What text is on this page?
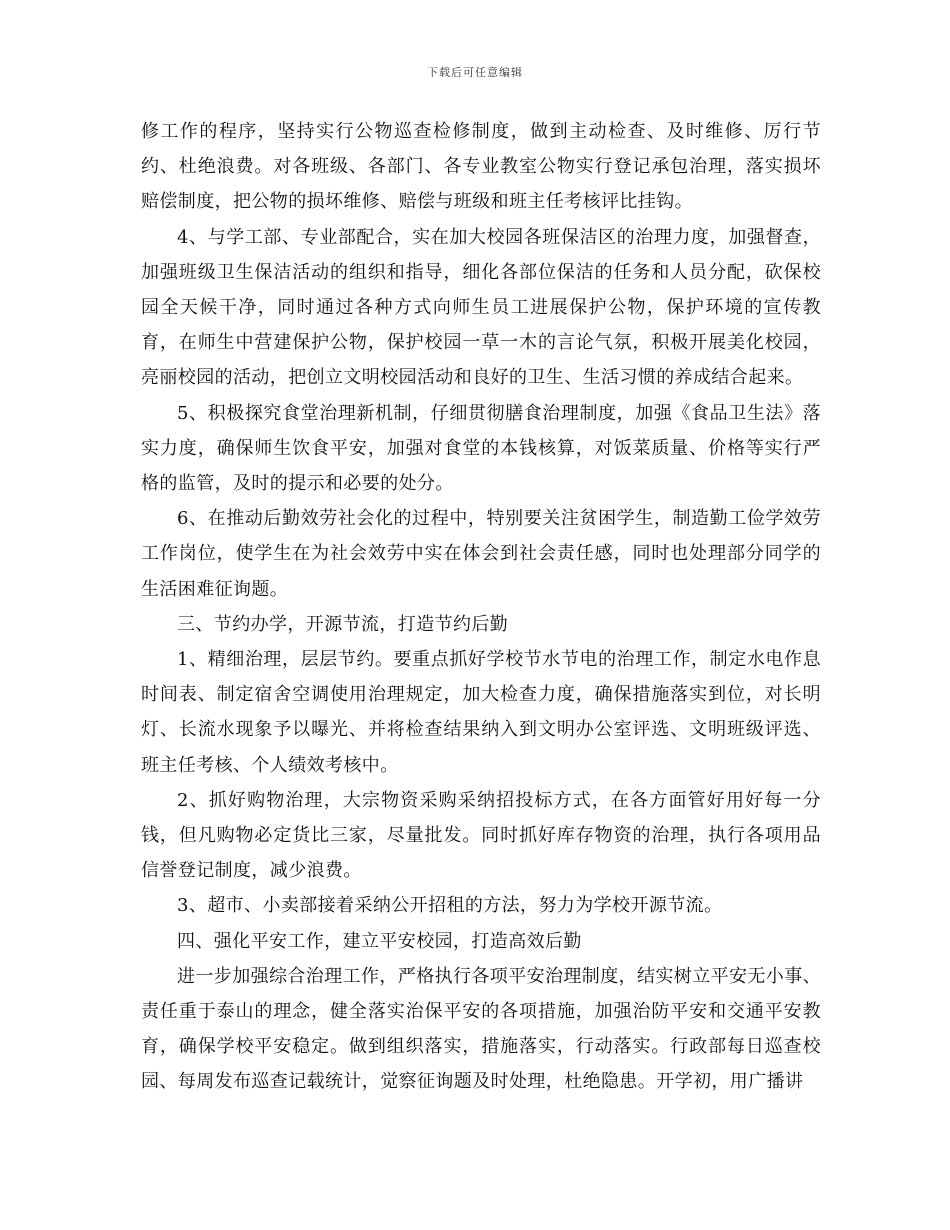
下载后可任意编辑

修工作的程序，坚持实行公物巡查检修制度，做到主动检查、及时维修、厉行节约、杜绝浪费。对各班级、各部门、各专业教室公物实行登记承包治理，落实损坏赔偿制度，把公物的损坏维修、赔偿与班级和班主任考核评比挂钩。

4、与学工部、专业部配合，实在加大校园各班保洁区的治理力度，加强督查，加强班级卫生保洁活动的组织和指导，细化各部位保洁的任务和人员分配，砍保校园全天候干净，同时通过各种方式向师生员工进展保护公物，保护环境的宣传教育，在师生中营建保护公物，保护校园一草一木的言论气氛，积极开展美化校园，亮丽校园的活动，把创立文明校园活动和良好的卫生、生活习惯的养成结合起来。

5、积极探究食堂治理新机制，仔细贯彻膳食治理制度，加强《食品卫生法》落实力度，确保师生饮食平安，加强对食堂的本钱核算，对饭菜质量、价格等实行严格的监管，及时的提示和必要的处分。

6、在推动后勤效劳社会化的过程中，特别要关注贫困学生，制造勤工俭学效劳工作岗位，使学生在为社会效劳中实在体会到社会责任感，同时也处理部分同学的生活困难征询题。

三、节约办学，开源节流，打造节约后勤

1、精细治理，层层节约。要重点抓好学校节水节电的治理工作，制定水电作息时间表、制定宿舍空调使用治理规定，加大检查力度，确保措施落实到位，对长明灯、长流水现象予以曝光、并将检查结果纳入到文明办公室评选、文明班级评选、班主任考核、个人绩效考核中。

2、抓好购物治理，大宗物资采购采纳招投标方式，在各方面管好用好每一分钱，但凡购物必定货比三家，尽量批发。同时抓好库存物资的治理，执行各项用品信誉登记制度，减少浪费。

3、超市、小卖部接着采纳公开招租的方法，努力为学校开源节流。

四、强化平安工作，建立平安校园，打造高效后勤

进一步加强综合治理工作，严格执行各项平安治理制度，结实树立平安无小事、责任重于泰山的理念，健全落实治保平安的各项措施，加强治防平安和交通平安教育，确保学校平安稳定。做到组织落实，措施落实，行动落实。行政部每日巡查校园、每周发布巡查记载统计，觉察征询题及时处理，杜绝隐患。开学初，用广播讲
